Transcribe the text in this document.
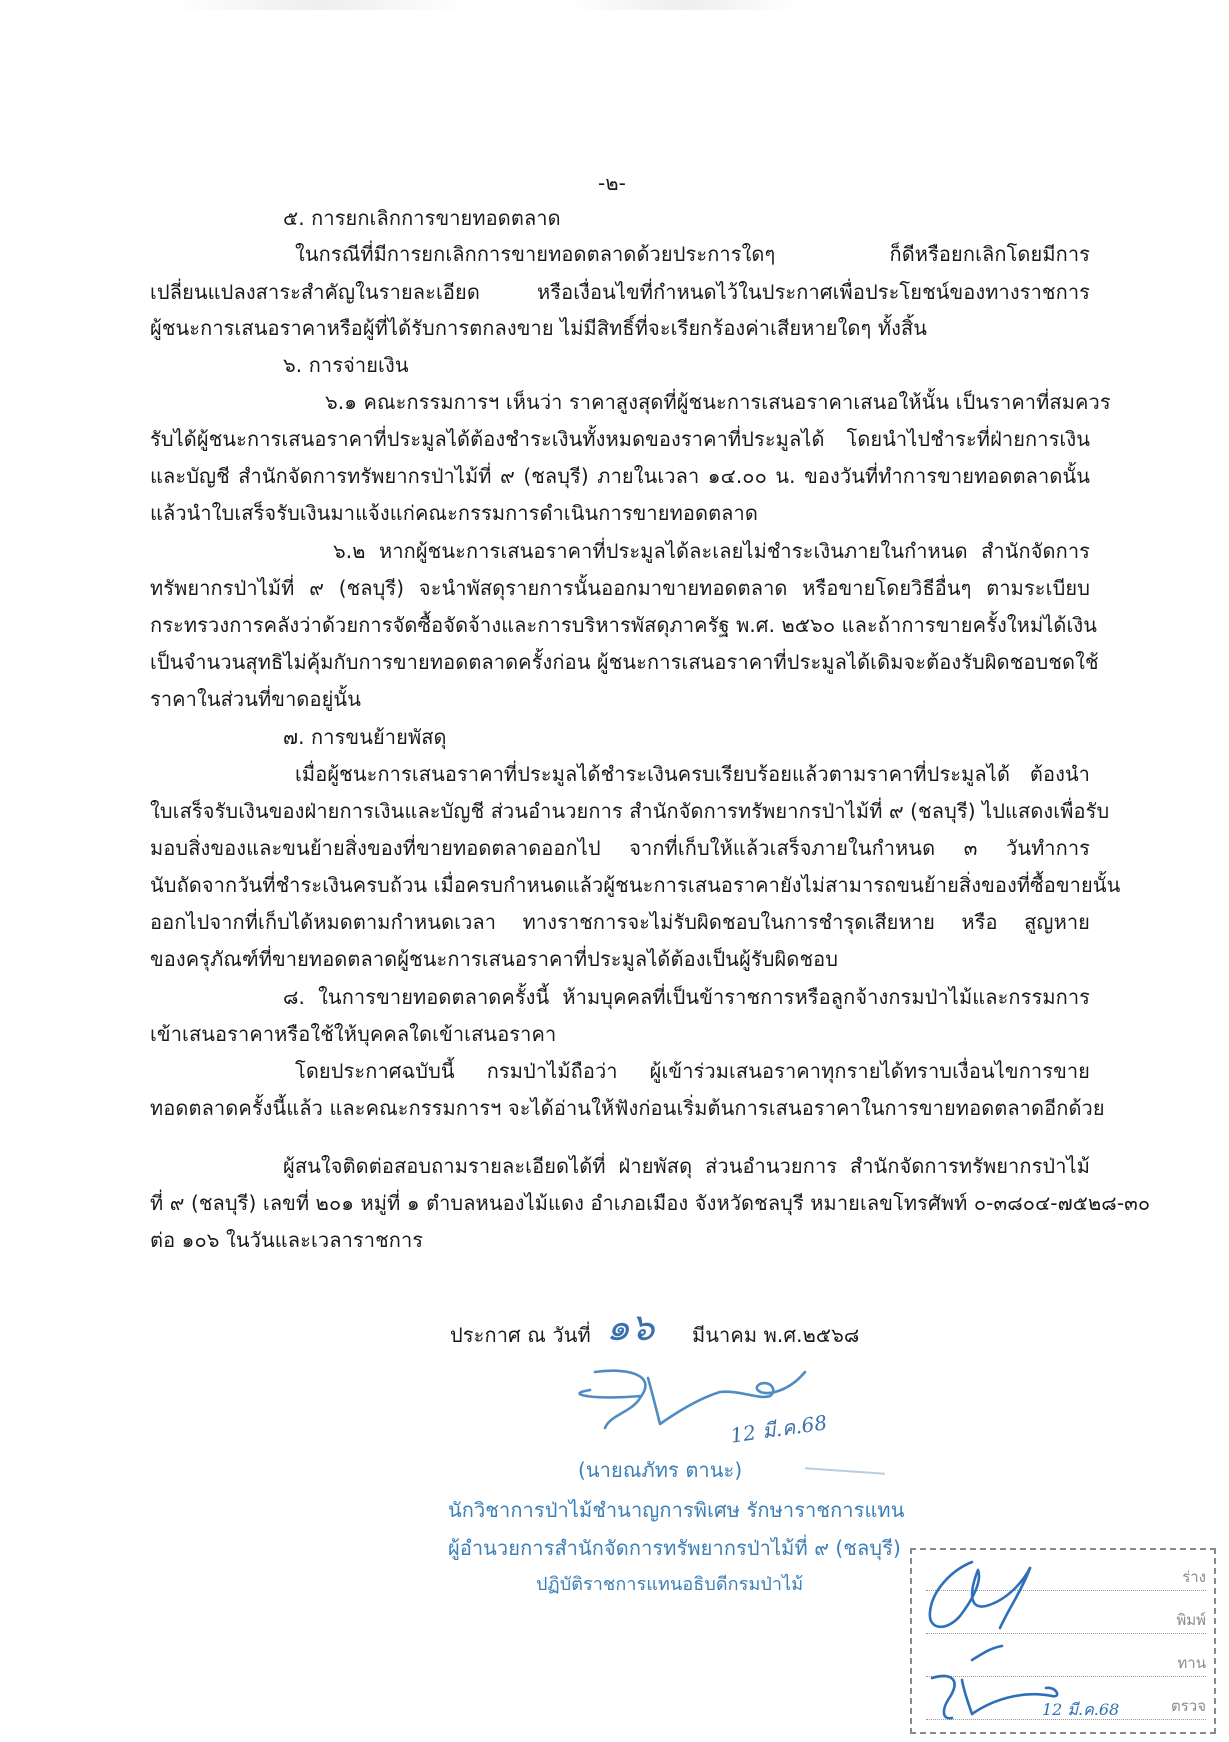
-๒-
๕. การยกเลิกการขายทอดตลาด
ในกรณีที่มีการยกเลิกการขายทอดตลาดด้วยประการใดๆ ก็ดีหรือยกเลิกโดยมีการ
เปลี่ยนแปลงสาระสำคัญในรายละเอียด หรือเงื่อนไขที่กำหนดไว้ในประกาศเพื่อประโยชน์ของทางราชการ
ผู้ชนะการเสนอราคาหรือผู้ที่ได้รับการตกลงขาย ไม่มีสิทธิ์ที่จะเรียกร้องค่าเสียหายใดๆ ทั้งสิ้น
๖. การจ่ายเงิน
๖.๑ คณะกรรมการฯ เห็นว่า ราคาสูงสุดที่ผู้ชนะการเสนอราคาเสนอให้นั้น เป็นราคาที่สมควร
รับได้ผู้ชนะการเสนอราคาที่ประมูลได้ต้องชำระเงินทั้งหมดของราคาที่ประมูลได้ โดยนำไปชำระที่ฝ่ายการเงิน
และบัญชี สำนักจัดการทรัพยากรป่าไม้ที่ ๙ (ชลบุรี) ภายในเวลา ๑๔.๐๐ น. ของวันที่ทำการขายทอดตลาดนั้น
แล้วนำใบเสร็จรับเงินมาแจ้งแก่คณะกรรมการดำเนินการขายทอดตลาด
๖.๒ หากผู้ชนะการเสนอราคาที่ประมูลได้ละเลยไม่ชำระเงินภายในกำหนด สำนักจัดการ
ทรัพยากรป่าไม้ที่ ๙ (ชลบุรี) จะนำพัสดุรายการนั้นออกมาขายทอดตลาด หรือขายโดยวิธีอื่นๆ ตามระเบียบ
กระทรวงการคลังว่าด้วยการจัดซื้อจัดจ้างและการบริหารพัสดุภาครัฐ พ.ศ. ๒๕๖๐ และถ้าการขายครั้งใหม่ได้เงิน
เป็นจำนวนสุทธิไม่คุ้มกับการขายทอดตลาดครั้งก่อน ผู้ชนะการเสนอราคาที่ประมูลได้เดิมจะต้องรับผิดชอบชดใช้
ราคาในส่วนที่ขาดอยู่นั้น
๗. การขนย้ายพัสดุ
เมื่อผู้ชนะการเสนอราคาที่ประมูลได้ชำระเงินครบเรียบร้อยแล้วตามราคาที่ประมูลได้ ต้องนำ
ใบเสร็จรับเงินของฝ่ายการเงินและบัญชี ส่วนอำนวยการ สำนักจัดการทรัพยากรป่าไม้ที่ ๙ (ชลบุรี) ไปแสดงเพื่อรับ
มอบสิ่งของและขนย้ายสิ่งของที่ขายทอดตลาดออกไป จากที่เก็บให้แล้วเสร็จภายในกำหนด ๓ วันทำการ
นับถัดจากวันที่ชำระเงินครบถ้วน เมื่อครบกำหนดแล้วผู้ชนะการเสนอราคายังไม่สามารถขนย้ายสิ่งของที่ซื้อขายนั้น
ออกไปจากที่เก็บได้หมดตามกำหนดเวลา ทางราชการจะไม่รับผิดชอบในการชำรุดเสียหาย หรือ สูญหาย
ของครุภัณฑ์ที่ขายทอดตลาดผู้ชนะการเสนอราคาที่ประมูลได้ต้องเป็นผู้รับผิดชอบ
๘. ในการขายทอดตลาดครั้งนี้ ห้ามบุคคลที่เป็นข้าราชการหรือลูกจ้างกรมป่าไม้และกรรมการ
เข้าเสนอราคาหรือใช้ให้บุคคลใดเข้าเสนอราคา
โดยประกาศฉบับนี้ กรมป่าไม้ถือว่า ผู้เข้าร่วมเสนอราคาทุกรายได้ทราบเงื่อนไขการขาย
ทอดตลาดครั้งนี้แล้ว และคณะกรรมการฯ จะได้อ่านให้ฟังก่อนเริ่มต้นการเสนอราคาในการขายทอดตลาดอีกด้วย
ผู้สนใจติดต่อสอบถามรายละเอียดได้ที่ ฝ่ายพัสดุ ส่วนอำนวยการ สำนักจัดการทรัพยากรป่าไม้
ที่ ๙ (ชลบุรี) เลขที่ ๒๐๑ หมู่ที่ ๑ ตำบลหนองไม้แดง อำเภอเมือง จังหวัดชลบุรี หมายเลขโทรศัพท์ ๐-๓๘๐๔-๗๕๒๘-๓๐
ต่อ ๑๐๖ ในวันและเวลาราชการ
ประกาศ ณ วันที่ ๑๖ มีนาคม พ.ศ.๒๕๖๘
12 มี.ค.68
(นายณภัทร ตานะ)
นักวิชาการป่าไม้ชำนาญการพิเศษ รักษาราชการแทน
ผู้อำนวยการสำนักจัดการทรัพยากรป่าไม้ที่ ๙ (ชลบุรี)
ปฏิบัติราชการแทนอธิบดีกรมป่าไม้	ร่าง
พิมพ์
ทาน
ตรวจ
12 มี.ค.68
